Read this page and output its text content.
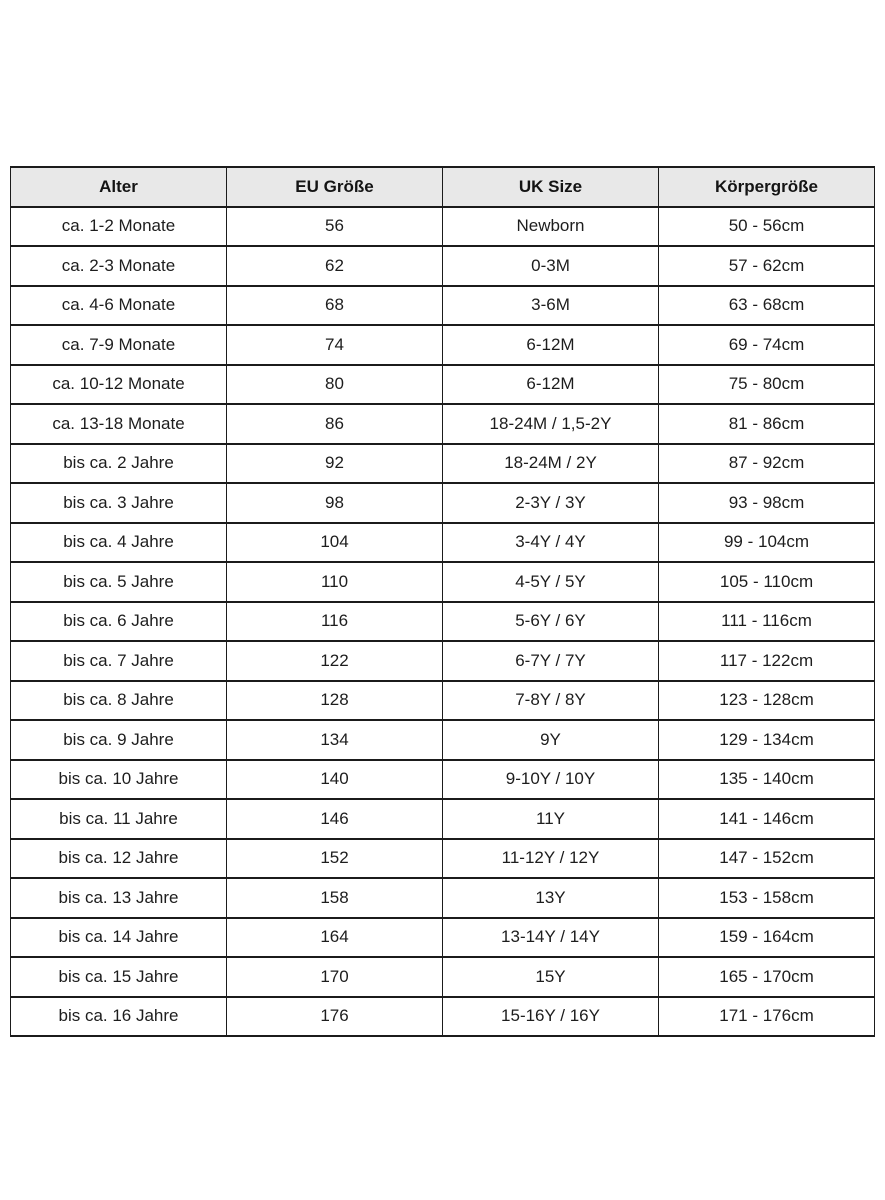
Alter	EU Größe	UK Size	Körpergröße
ca. 1-2 Monate	56	Newborn	50 - 56cm
ca. 2-3 Monate	62	0-3M	57 - 62cm
ca. 4-6 Monate	68	3-6M	63 - 68cm
ca. 7-9 Monate	74	6-12M	69 - 74cm
ca. 10-12 Monate	80	6-12M	75 - 80cm
ca. 13-18 Monate	86	18-24M / 1,5-2Y	81 - 86cm
bis ca. 2 Jahre	92	18-24M / 2Y	87 - 92cm
bis ca. 3 Jahre	98	2-3Y / 3Y	93 - 98cm
bis ca. 4 Jahre	104	3-4Y / 4Y	99 - 104cm
bis ca. 5 Jahre	110	4-5Y / 5Y	105 - 110cm
bis ca. 6 Jahre	116	5-6Y / 6Y	111 - 116cm
bis ca. 7 Jahre	122	6-7Y / 7Y	117 - 122cm
bis ca. 8 Jahre	128	7-8Y / 8Y	123 - 128cm
bis ca. 9 Jahre	134	9Y	129 - 134cm
bis ca. 10 Jahre	140	9-10Y / 10Y	135 - 140cm
bis ca. 11 Jahre	146	11Y	141 - 146cm
bis ca. 12 Jahre	152	11-12Y / 12Y	147 - 152cm
bis ca. 13 Jahre	158	13Y	153 - 158cm
bis ca. 14 Jahre	164	13-14Y / 14Y	159 - 164cm
bis ca. 15 Jahre	170	15Y	165 - 170cm
bis ca. 16 Jahre	176	15-16Y / 16Y	171 - 176cm
